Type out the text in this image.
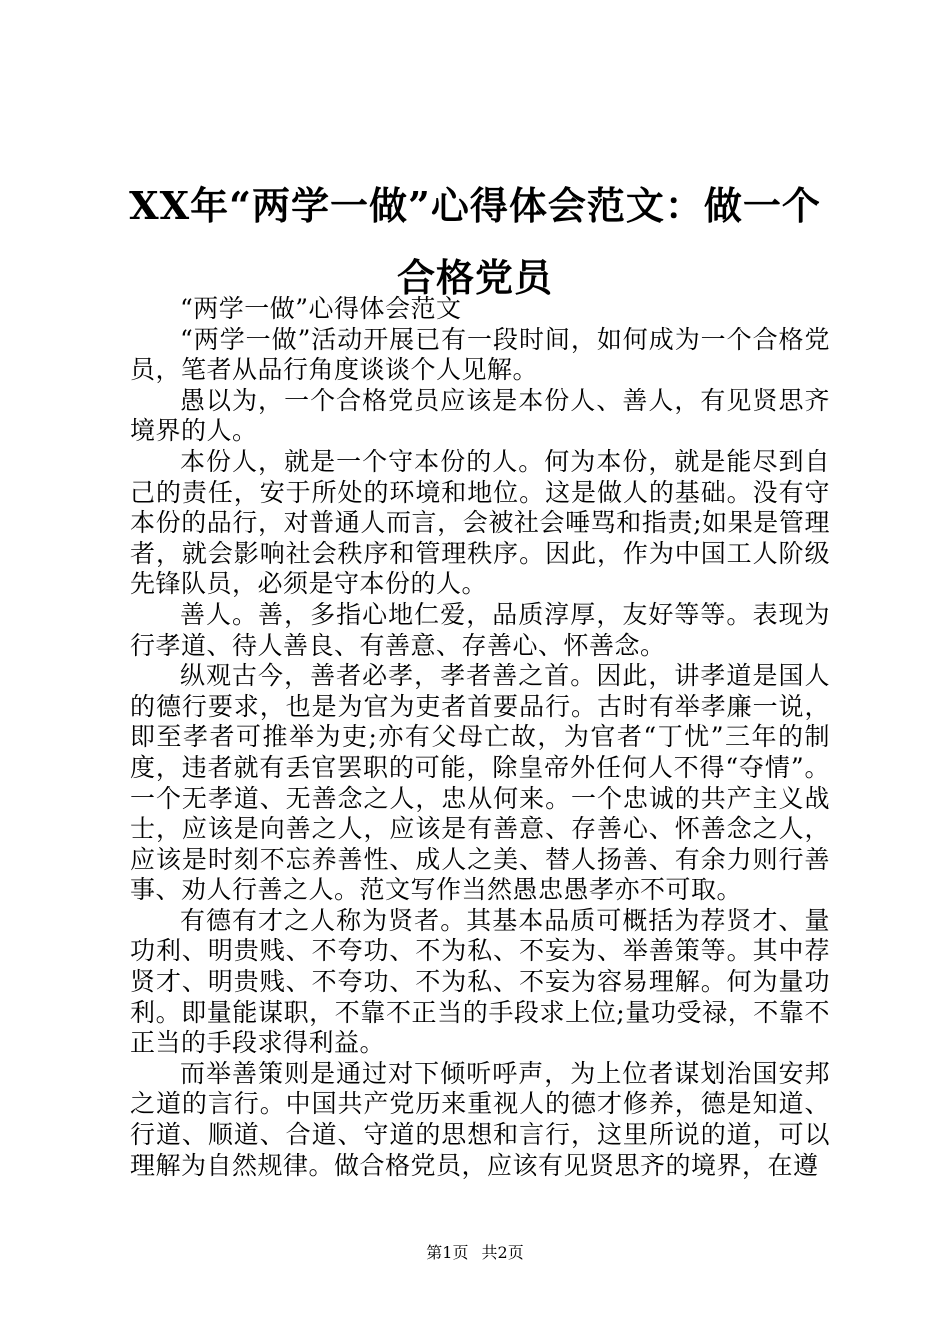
XX年“两学一做”心得体会范文：做一个合格党员

“两学一做”心得体会范文

“两学一做”活动开展已有一段时间，如何成为一个合格党员，笔者从品行角度谈谈个人见解。

愚以为，一个合格党员应该是本份人、善人，有见贤思齐境界的人。

本份人，就是一个守本份的人。何为本份，就是能尽到自己的责任，安于所处的环境和地位。这是做人的基础。没有守本份的品行，对普通人而言，会被社会唾骂和指责;如果是管理者，就会影响社会秩序和管理秩序。因此，作为中国工人阶级先锋队员，必须是守本份的人。

善人。善，多指心地仁爱，品质淳厚，友好等等。表现为行孝道、待人善良、有善意、存善心、怀善念。

纵观古今，善者必孝，孝者善之首。因此，讲孝道是国人的德行要求，也是为官为吏者首要品行。古时有举孝廉一说，即至孝者可推举为吏;亦有父母亡故，为官者“丁忧”三年的制度，违者就有丢官罢职的可能，除皇帝外任何人不得“夺情”。一个无孝道、无善念之人，忠从何来。一个忠诚的共产主义战士，应该是向善之人，应该是有善意、存善心、怀善念之人，应该是时刻不忘养善性、成人之美、替人扬善、有余力则行善事、劝人行善之人。范文写作当然愚忠愚孝亦不可取。

有德有才之人称为贤者。其基本品质可概括为荐贤才、量功利、明贵贱、不夸功、不为私、不妄为、举善策等。其中荐贤才、明贵贱、不夸功、不为私、不妄为容易理解。何为量功利。即量能谋职，不靠不正当的手段求上位;量功受禄，不靠不正当的手段求得利益。

而举善策则是通过对下倾听呼声，为上位者谋划治国安邦之道的言行。中国共产党历来重视人的德才修养，德是知道、行道、顺道、合道、守道的思想和言行，这里所说的道，可以理解为自然规律。做合格党员，应该有见贤思齐的境界，在遵

第1页 共2页
